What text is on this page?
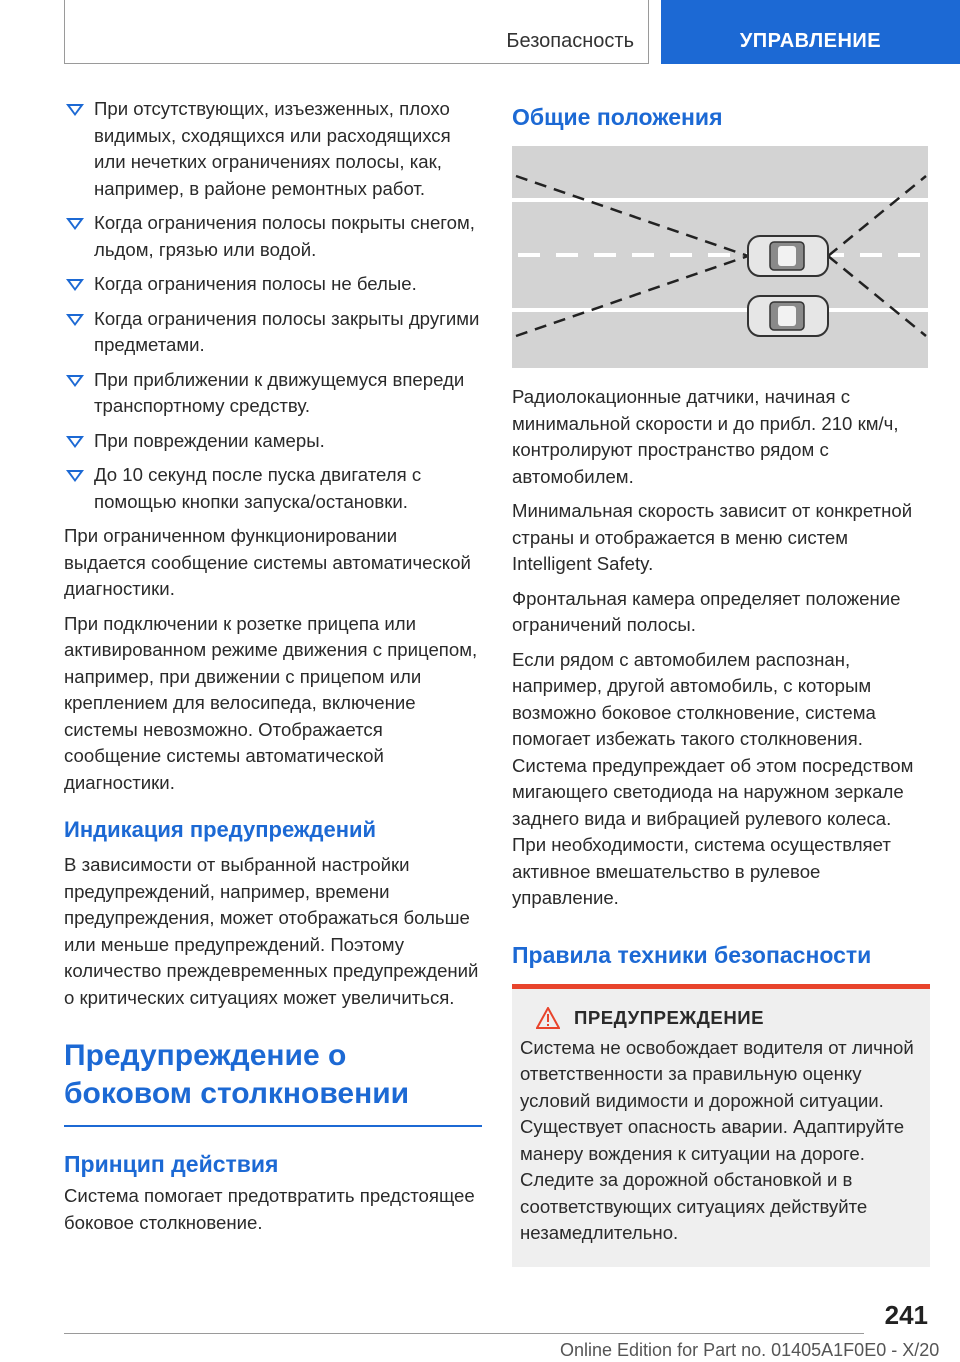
Безопасность	УПРАВЛЕНИЕ
При отсутствующих, изъезженных, плохо видимых, сходящихся или расходящихся или нечетких ограничениях полосы, как, например, в районе ремонтных работ.
Когда ограничения полосы покрыты снегом, льдом, грязью или водой.
Когда ограничения полосы не белые.
Когда ограничения полосы закрыты другими предметами.
При приближении к движущемуся впереди транспортному средству.
При повреждении камеры.
До 10 секунд после пуска двигателя с помощью кнопки запуска/остановки.

При ограниченном функционировании выдается сообщение системы автоматической диагностики.

При подключении к розетке прицепа или активированном режиме движения с прицепом, например, при движении с прицепом или креплением для велосипеда, включение системы невозможно. Отображается сообщение системы автоматической диагностики.

Индикация предупреждений

В зависимости от выбранной настройки предупреждений, например, времени предупреждения, может отображаться больше или меньше предупреждений. Поэтому количество преждевременных предупреждений о критических ситуациях может увеличиться.

Предупреждение о боковом столкновении
Принцип действия

Система помогает предотвратить предстоящее боковое столкновение.

Общие положения

Радиолокационные датчики, начиная с минимальной скорости и до прибл. 210 км/ч, контролируют пространство рядом с автомобилем.

Минимальная скорость зависит от конкретной страны и отображается в меню систем Intelligent Safety.

Фронтальная камера определяет положение ограничений полосы.

Если рядом с автомобилем распознан, например, другой автомобиль, с которым возможно боковое столкновение, система помогает избежать такого столкновения. Система предупреждает об этом посредством мигающего светодиода на наружном зеркале заднего вида и вибрацией рулевого колеса. При необходимости, система осуществляет активное вмешательство в рулевое управление.

Правила техники безопасности
ПРЕДУПРЕЖДЕНИЕ

Система не освобождает водителя от личной ответственности за правильную оценку условий видимости и дорожной ситуации. Существует опасность аварии. Адаптируйте манеру вождения к ситуации на дороге.

Следите за дорожной обстановкой и в соответствующих ситуациях действуйте незамедлительно.

241
Online Edition for Part no. 01405A1F0E0 - X/20
